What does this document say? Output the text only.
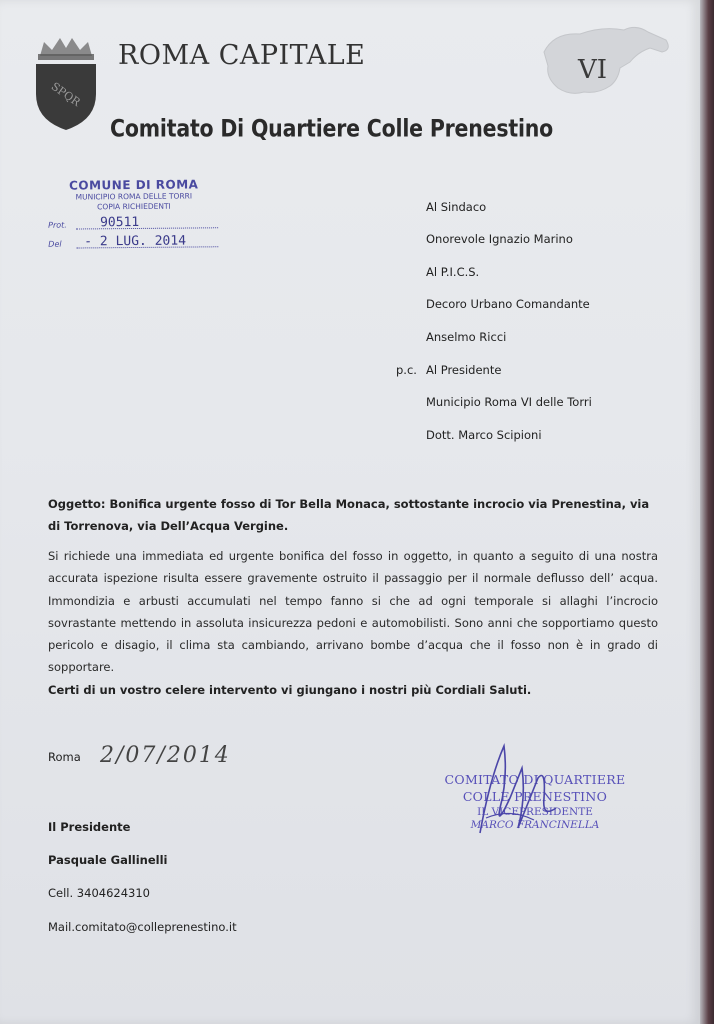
SPQR
ROMA CAPITALE	VI
Comitato Di Quartiere Colle Prenestino
COMUNE DI ROMA
MUNICIPIO ROMA DELLE TORRI
COPIA RICHIEDENTI
Prot.	90511
Del - 2 LUG. 2014
Al Sindaco
Onorevole Ignazio Marino
Al P.I.C.S.
Decoro Urbano Comandante
Anselmo Ricci
p.c. Al Presidente
Municipio Roma VI delle Torri
Dott. Marco Scipioni
Oggetto: Bonifica urgente fosso di Tor Bella Monaca, sottostante incrocio via Prenestina, via di Torrenova, via Dell’Acqua Vergine.
Si richiede una immediata ed urgente bonifica del fosso in oggetto, in quanto a seguito di una nostra accurata ispezione risulta essere gravemente ostruito il passaggio per il normale deflusso dell’ acqua. Immondizia e arbusti accumulati nel tempo fanno si che ad ogni temporale si allaghi l’incrocio sovrastante mettendo in assoluta insicurezza pedoni e automobilisti. Sono anni che sopportiamo questo pericolo e disagio, il clima sta cambiando, arrivano bombe d’acqua che il fosso non è in grado di sopportare.
Certi di un vostro celere intervento vi giungano i nostri più Cordiali Saluti.
Roma 2/07/2014
Il Presidente
Pasquale Gallinelli
Cell. 3404624310
Mail.comitato@colleprenestino.it
COMITATO DI QUARTIERE
COLLE PRENESTINO
IL VICEPRESIDENTE
MARCO FRANCINELLA
